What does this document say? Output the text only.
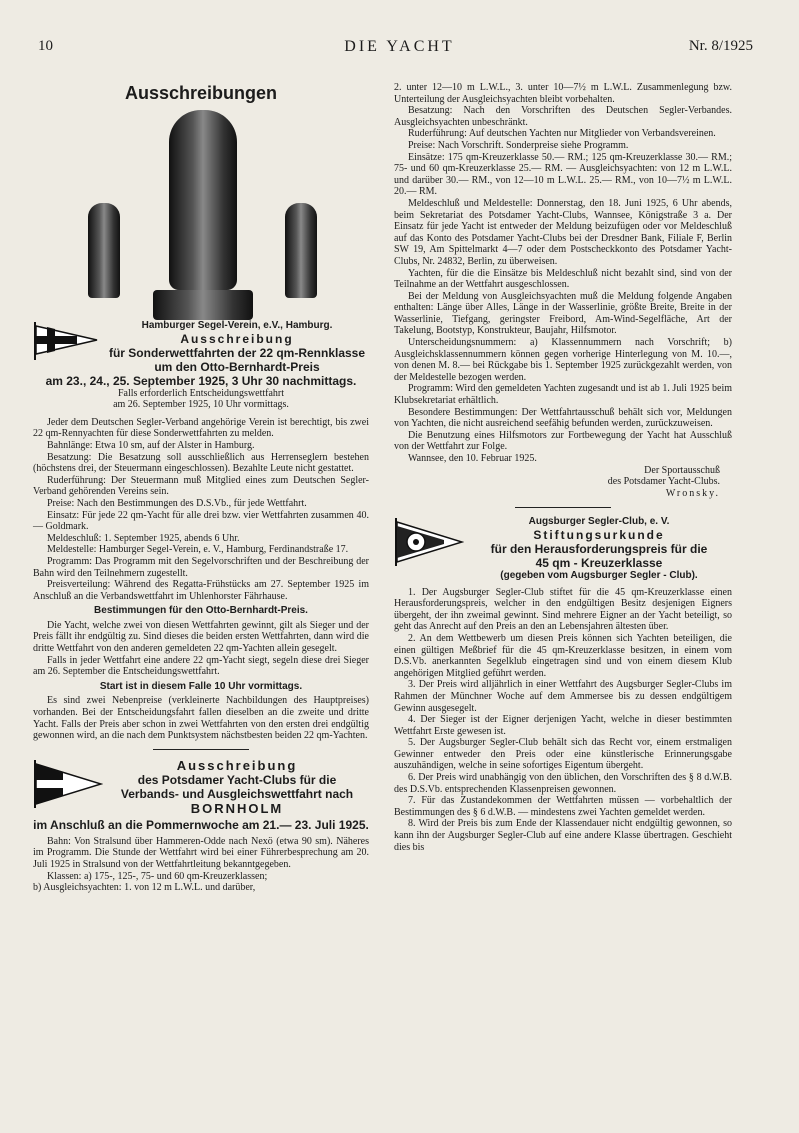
10	DIE YACHT	Nr. 8/1925
Ausschreibungen
Hamburger Segel-Verein, e.V., Hamburg.
Ausschreibung
für Sonderwettfahrten der 22 qm-Rennklasse
um den Otto-Bernhardt-Preis
am 23., 24., 25. September 1925, 3 Uhr 30 nachmittags.
Falls erforderlich Entscheidungswettfahrt
am 26. September 1925, 10 Uhr vormittags.

Jeder dem Deutschen Segler-Verband angehörige Verein ist berechtigt, bis zwei 22 qm-Rennyachten für diese Sonderwettfahrten zu melden.

Bahnlänge: Etwa 10 sm, auf der Alster in Hamburg.

Besatzung: Die Besatzung soll ausschließlich aus Herrenseglern bestehen (höchstens drei, der Steuermann eingeschlossen). Bezahlte Leute nicht gestattet.

Ruderführung: Der Steuermann muß Mitglied eines zum Deutschen Segler-Verband gehörenden Vereins sein.

Preise: Nach den Bestimmungen des D.S.Vb., für jede Wettfahrt.

Einsatz: Für jede 22 qm-Yacht für alle drei bzw. vier Wettfahrten zusammen 40.— Goldmark.

Meldeschluß: 1. September 1925, abends 6 Uhr.

Meldestelle: Hamburger Segel-Verein, e. V., Hamburg, Ferdinandstraße 17.

Programm: Das Programm mit den Segelvorschriften und der Beschreibung der Bahn wird den Teilnehmern zugestellt.

Preisverteilung: Während des Regatta-Frühstücks am 27. September 1925 im Anschluß an die Verbandswettfahrt im Uhlenhorster Fährhause.

Bestimmungen für den Otto-Bernhardt-Preis.

Die Yacht, welche zwei von diesen Wettfahrten gewinnt, gilt als Sieger und der Preis fällt ihr endgültig zu. Sind dieses die beiden ersten Wettfahrten, dann wird die dritte Wettfahrt von den anderen gemeldeten 22 qm-Yachten allein gesegelt.

Falls in jeder Wettfahrt eine andere 22 qm-Yacht siegt, segeln diese drei Sieger am 26. September die Entscheidungswettfahrt.

Start ist in diesem Falle 10 Uhr vormittags.

Es sind zwei Nebenpreise (verkleinerte Nachbildungen des Hauptpreises) vorhanden. Bei der Entscheidungsfahrt fallen dieselben an die zweite und dritte Yacht. Falls der Preis aber schon in zwei Wettfahrten von den ersten drei endgültig gewonnen wird, an die nach dem Punktsystem nächstbesten beiden 22 qm-Yachten.

Ausschreibung
des Potsdamer Yacht-Clubs für die
Verbands- und Ausgleichswettfahrt nach
BORNHOLM
im Anschluß an die Pommernwoche am 21.— 23. Juli 1925.

Bahn: Von Stralsund über Hammeren-Odde nach Nexö (etwa 90 sm). Näheres im Programm. Die Stunde der Wettfahrt wird bei einer Führerbesprechung am 20. Juli 1925 in Stralsund von der Wettfahrtleitung bekanntgegeben.

Klassen: a) 175-, 125-, 75- und 60 qm-Kreuzerklassen;

b) Ausgleichsyachten: 1. von 12 m L.W.L. und darüber,

2. unter 12—10 m L.W.L., 3. unter 10—7½ m L.W.L. Zusammenlegung bzw. Unterteilung der Ausgleichsyachten bleibt vorbehalten.

Besatzung: Nach den Vorschriften des Deutschen Segler-Verbandes. Ausgleichsyachten unbeschränkt.

Ruderführung: Auf deutschen Yachten nur Mitglieder von Verbandsvereinen.

Preise: Nach Vorschrift. Sonderpreise siehe Programm.

Einsätze: 175 qm-Kreuzerklasse 50.— RM.; 125 qm-Kreuzerklasse 30.— RM.; 75- und 60 qm-Kreuzerklasse 25.— RM. — Ausgleichsyachten: von 12 m L.W.L. und darüber 30.— RM., von 12—10 m L.W.L. 25.— RM., von 10—7½ m L.W.L. 20.— RM.

Meldeschluß und Meldestelle: Donnerstag, den 18. Juni 1925, 6 Uhr abends, beim Sekretariat des Potsdamer Yacht-Clubs, Wannsee, Königstraße 3 a. Der Einsatz für jede Yacht ist entweder der Meldung beizufügen oder vor Meldeschluß auf das Konto des Potsdamer Yacht-Clubs bei der Dresdner Bank, Filiale F, Berlin SW 19, Am Spittelmarkt 4—7 oder dem Postscheckkonto des Potsdamer Yacht-Clubs, Nr. 24832, Berlin, zu überweisen.

Yachten, für die die Einsätze bis Meldeschluß nicht bezahlt sind, sind von der Teilnahme an der Wettfahrt ausgeschlossen.

Bei der Meldung von Ausgleichsyachten muß die Meldung folgende Angaben enthalten: Länge über Alles, Länge in der Wasserlinie, größte Breite, Breite in der Wasserlinie, Tiefgang, geringster Freibord, Am-Wind-Segelfläche, Art der Takelung, Bootstyp, Konstrukteur, Baujahr, Hilfsmotor.

Unterscheidungsnummern: a) Klassennummern nach Vorschrift; b) Ausgleichsklassennummern können gegen vorherige Hinterlegung von M. 10.—, von denen M. 8.— bei Rückgabe bis 1. September 1925 zurückgezahlt werden, von der Meldestelle bezogen werden.

Programm: Wird den gemeldeten Yachten zugesandt und ist ab 1. Juli 1925 beim Klubsekretariat erhältlich.

Besondere Bestimmungen: Der Wettfahrtausschuß behält sich vor, Meldungen von Yachten, die nicht ausreichend seefähig befunden werden, zurückzuweisen.

Die Benutzung eines Hilfsmotors zur Fortbewegung der Yacht hat Ausschluß von der Wettfahrt zur Folge.

Wannsee, den 10. Februar 1925.

Der Sportausschuß
des Potsdamer Yacht-Clubs.
Wronsky.
Augsburger Segler-Club, e. V.
Stiftungsurkunde
für den Herausforderungspreis für die
45 qm - Kreuzerklasse
(gegeben vom Augsburger Segler - Club).

1. Der Augsburger Segler-Club stiftet für die 45 qm-Kreuzerklasse einen Herausforderungspreis, welcher in den endgültigen Besitz desjenigen Eigners übergeht, der ihn zweimal gewinnt. Sind mehrere Eigner an der Yacht beteiligt, so geht das Anrecht auf den Preis an den an Lebensjahren ältesten über.

2. An dem Wettbewerb um diesen Preis können sich Yachten beteiligen, die einen gültigen Meßbrief für die 45 qm-Kreuzerklasse besitzen, in einem vom D.S.Vb. anerkannten Segelklub eingetragen sind und von einem diesem Klub angehörigen Mitglied geführt werden.

3. Der Preis wird alljährlich in einer Wettfahrt des Augsburger Segler-Clubs im Rahmen der Münchner Woche auf dem Ammersee bis zu dessen endgültigem Gewinn ausgesegelt.

4. Der Sieger ist der Eigner derjenigen Yacht, welche in dieser bestimmten Wettfahrt Erste gewesen ist.

5. Der Augsburger Segler-Club behält sich das Recht vor, einem erstmaligen Gewinner entweder den Preis oder eine künstlerische Erinnerungsgabe auszuhändigen, welche in seine sofortiges Eigentum übergeht.

6. Der Preis wird unabhängig von den üblichen, den Vorschriften des § 8 d.W.B. des D.S.Vb. entsprechenden Klassenpreisen gewonnen.

7. Für das Zustandekommen der Wettfahrten müssen — vorbehaltlich der Bestimmungen des § 6 d.W.B. — mindestens zwei Yachten gemeldet werden.

8. Wird der Preis bis zum Ende der Klassendauer nicht endgültig gewonnen, so kann ihn der Augsburger Segler-Club auf eine andere Klasse übertragen. Geschieht dies bis
